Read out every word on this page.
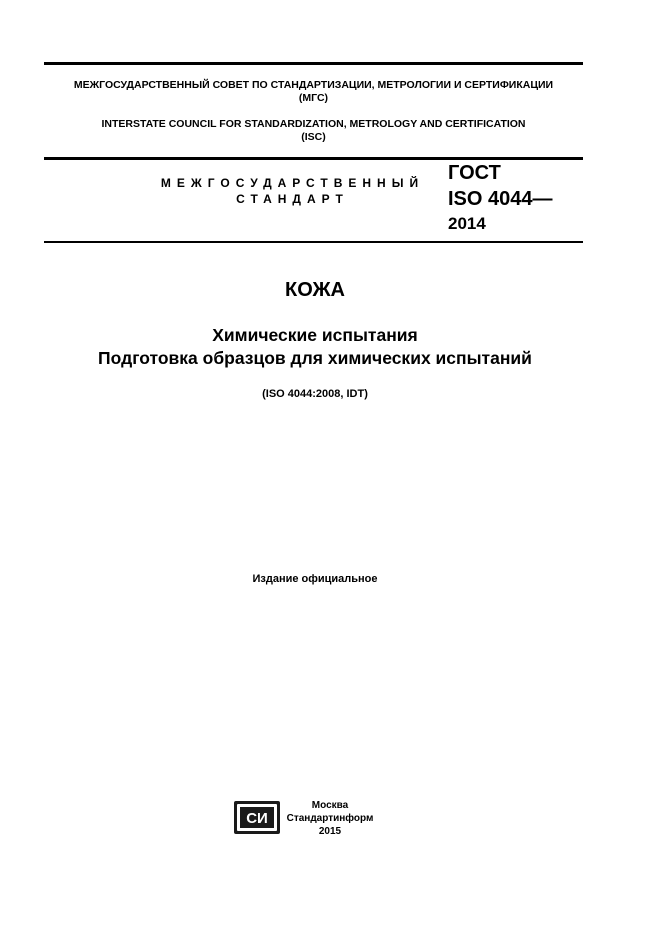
МЕЖГОСУДАРСТВЕННЫЙ СОВЕТ ПО СТАНДАРТИЗАЦИИ, МЕТРОЛОГИИ И СЕРТИФИКАЦИИ
(МГС)
INTERSTATE COUNCIL FOR STANDARDIZATION, METROLOGY AND CERTIFICATION
(ISC)
МЕЖГОСУДАРСТВЕННЫЙ
СТАНДАРТ
ГОСТ
ISO 4044—
2014
КОЖА
Химические испытания
Подготовка образцов для химических испытаний
(ISO 4044:2008, IDT)
Издание официальное
СИ
Москва
Стандартинформ
2015
